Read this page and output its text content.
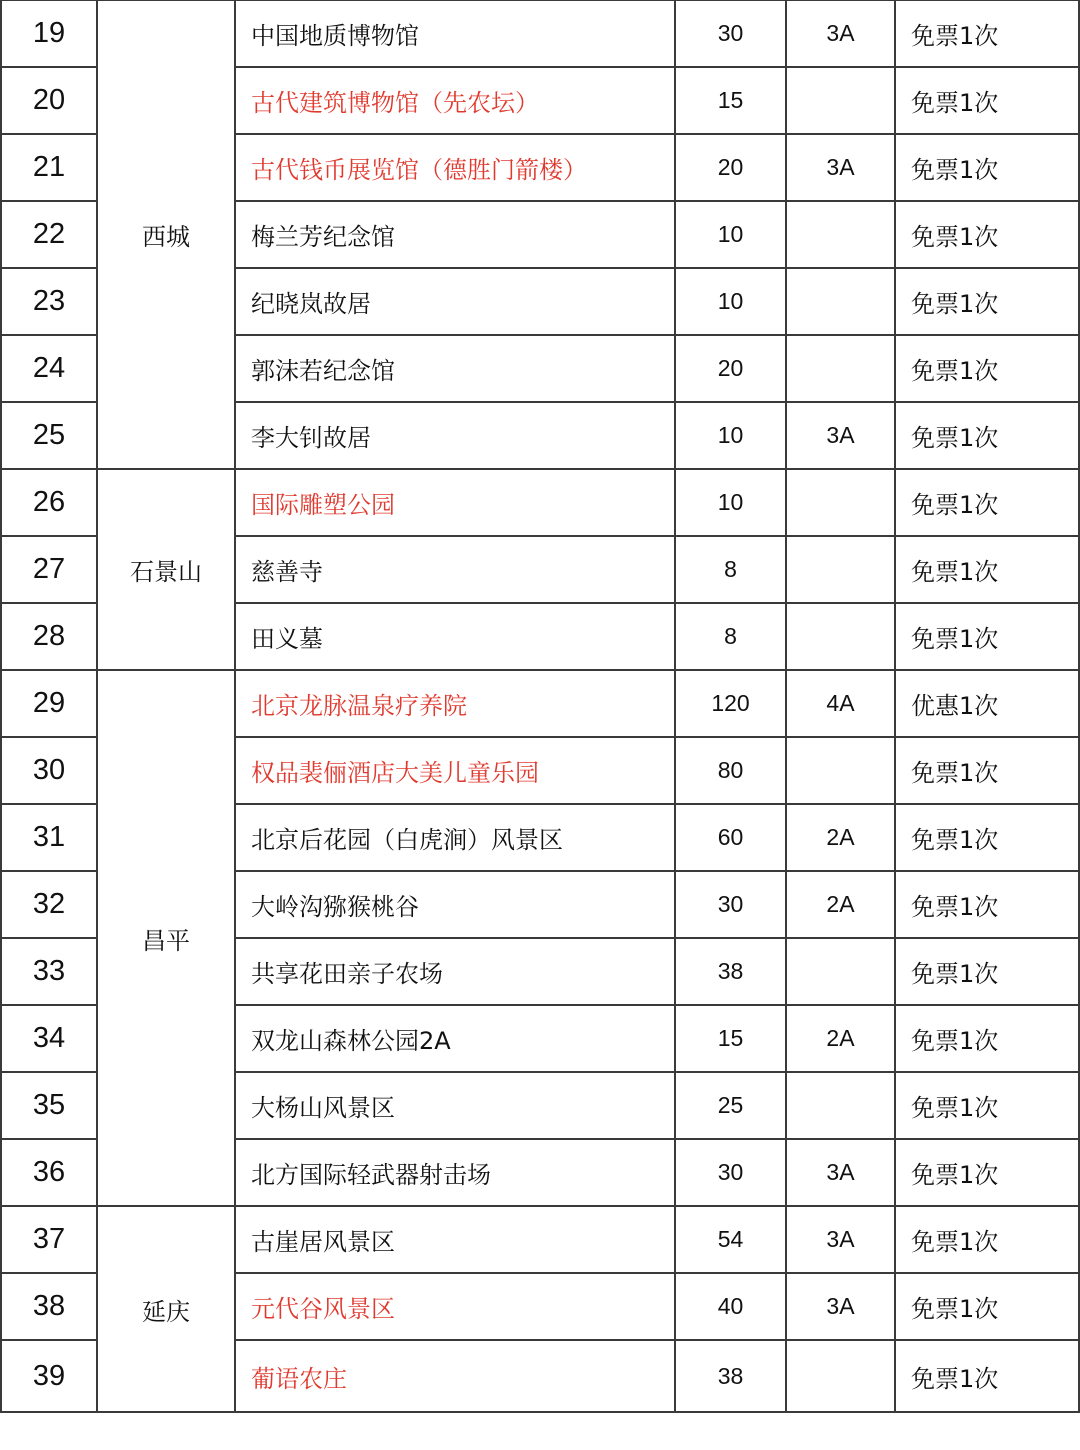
19	西城	中国地质博物馆	30	3A	免票1次
20		古代建筑博物馆（先农坛）	15		免票1次
21		古代钱币展览馆（德胜门箭楼）	20	3A	免票1次
22		梅兰芳纪念馆	10		免票1次
23		纪晓岚故居	10		免票1次
24		郭沫若纪念馆	20		免票1次
25		李大钊故居	10	3A	免票1次
26	石景山	国际雕塑公园	10		免票1次
27		慈善寺	8		免票1次
28		田义墓	8		免票1次
29	昌平	北京龙脉温泉疗养院	120	4A	优惠1次
30		权品裴俪酒店大美儿童乐园	80		免票1次
31		北京后花园（白虎涧）风景区	60	2A	免票1次
32		大岭沟猕猴桃谷	30	2A	免票1次
33		共享花田亲子农场	38		免票1次
34		双龙山森林公园2A	15	2A	免票1次
35		大杨山风景区	25		免票1次
36		北方国际轻武器射击场	30	3A	免票1次
37	延庆	古崖居风景区	54	3A	免票1次
38		元代谷风景区	40	3A	免票1次
39		葡语农庄	38		免票1次
